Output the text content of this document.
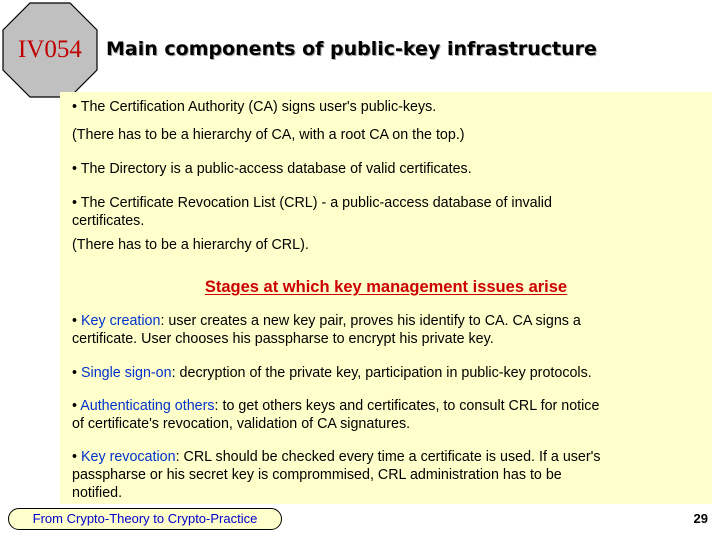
IV054	Main components of public-key infrastructure

• The Certification Authority (CA) signs user's public-keys.

(There has to be a hierarchy of CA, with a root CA on the top.)

• The Directory is a public-access database of valid certificates.

• The Certificate Revocation List (CRL) - a public-access database of invalid

certificates.

(There has to be a hierarchy of CRL).

Stages at which key management issues arise

• Key creation: user creates a new key pair, proves his identify to CA. CA signs a

certificate. User chooses his passpharse to encrypt his private key.

• Single sign-on: decryption of the private key, participation in public-key protocols.

• Authenticating others: to get others keys and certificates, to consult CRL for notice

of certificate's revocation, validation of CA signatures.

• Key revocation: CRL should be checked every time a certificate is used. If a user's

passpharse or his secret key is comprommised, CRL administration has to be

notified.

From Crypto-Theory to Crypto-Practice	29
